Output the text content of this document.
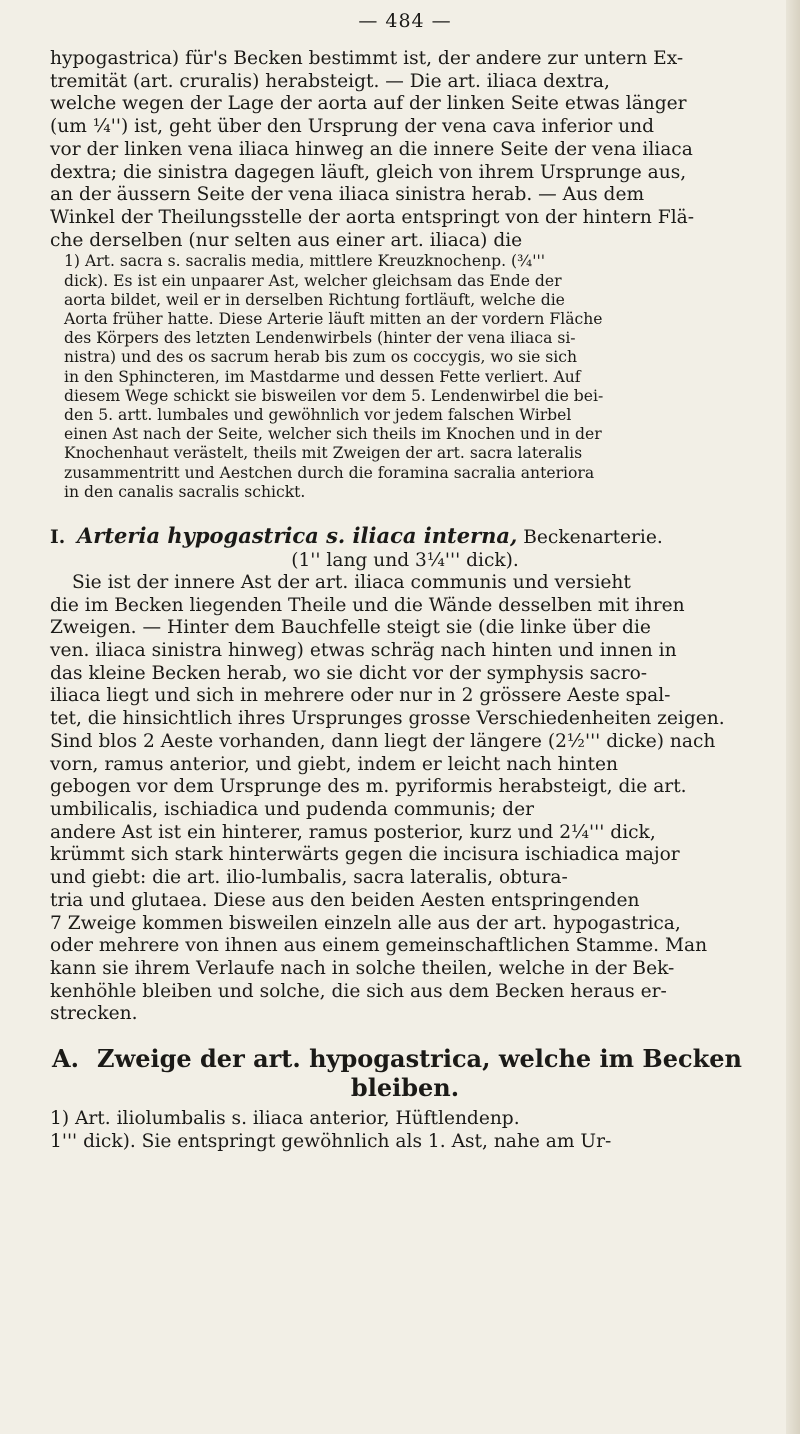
— 484 —

hypogastrica) für's Becken bestimmt ist, der andere zur untern Ex-

tremität (art. cruralis) herabsteigt. — Die art. iliaca dextra,

welche wegen der Lage der aorta auf der linken Seite etwas länger

(um ¼'') ist, geht über den Ursprung der vena cava inferior und

vor der linken vena iliaca hinweg an die innere Seite der vena iliaca

dextra; die sinistra dagegen läuft, gleich von ihrem Ursprunge aus,

an der äussern Seite der vena iliaca sinistra herab. — Aus dem

Winkel der Theilungsstelle der aorta entspringt von der hintern Flä-

che derselben (nur selten aus einer art. iliaca) die

1) Art. sacra s. sacralis media, mittlere Kreuzknochenp. (¾'''

dick). Es ist ein unpaarer Ast, welcher gleichsam das Ende der

aorta bildet, weil er in derselben Richtung fortläuft, welche die

Aorta früher hatte. Diese Arterie läuft mitten an der vordern Fläche

des Körpers des letzten Lendenwirbels (hinter der vena iliaca si-

nistra) und des os sacrum herab bis zum os coccygis, wo sie sich

in den Sphincteren, im Mastdarme und dessen Fette verliert. Auf

diesem Wege schickt sie bisweilen vor dem 5. Lendenwirbel die bei-

den 5. artt. lumbales und gewöhnlich vor jedem falschen Wirbel

einen Ast nach der Seite, welcher sich theils im Knochen und in der

Knochenhaut verästelt, theils mit Zweigen der art. sacra lateralis

zusammentritt und Aestchen durch die foramina sacralia anteriora

in den canalis sacralis schickt.

I. Arteria hypogastrica s. iliaca interna, Beckenarterie.

(1'' lang und 3¼''' dick).

Sie ist der innere Ast der art. iliaca communis und versieht

die im Becken liegenden Theile und die Wände desselben mit ihren

Zweigen. — Hinter dem Bauchfelle steigt sie (die linke über die

ven. iliaca sinistra hinweg) etwas schräg nach hinten und innen in

das kleine Becken herab, wo sie dicht vor der symphysis sacro-

iliaca liegt und sich in mehrere oder nur in 2 grössere Aeste spal-

tet, die hinsichtlich ihres Ursprunges grosse Verschiedenheiten zeigen.

Sind blos 2 Aeste vorhanden, dann liegt der längere (2½''' dicke) nach

vorn, ramus anterior, und giebt, indem er leicht nach hinten

gebogen vor dem Ursprunge des m. pyriformis herabsteigt, die art.

umbilicalis, ischiadica und pudenda communis; der

andere Ast ist ein hinterer, ramus posterior, kurz und 2¼''' dick,

krümmt sich stark hinterwärts gegen die incisura ischiadica major

und giebt: die art. ilio-lumbalis, sacra lateralis, obtura-

tria und glutaea. Diese aus den beiden Aesten entspringenden

7 Zweige kommen bisweilen einzeln alle aus der art. hypogastrica,

oder mehrere von ihnen aus einem gemeinschaftlichen Stamme. Man

kann sie ihrem Verlaufe nach in solche theilen, welche in der Bek-

kenhöhle bleiben und solche, die sich aus dem Becken heraus er-

strecken.

A. Zweige der art. hypogastrica, welche im Becken

bleiben.

1) Art. iliolumbalis s. iliaca anterior, Hüftlendenp.

1''' dick). Sie entspringt gewöhnlich als 1. Ast, nahe am Ur-
